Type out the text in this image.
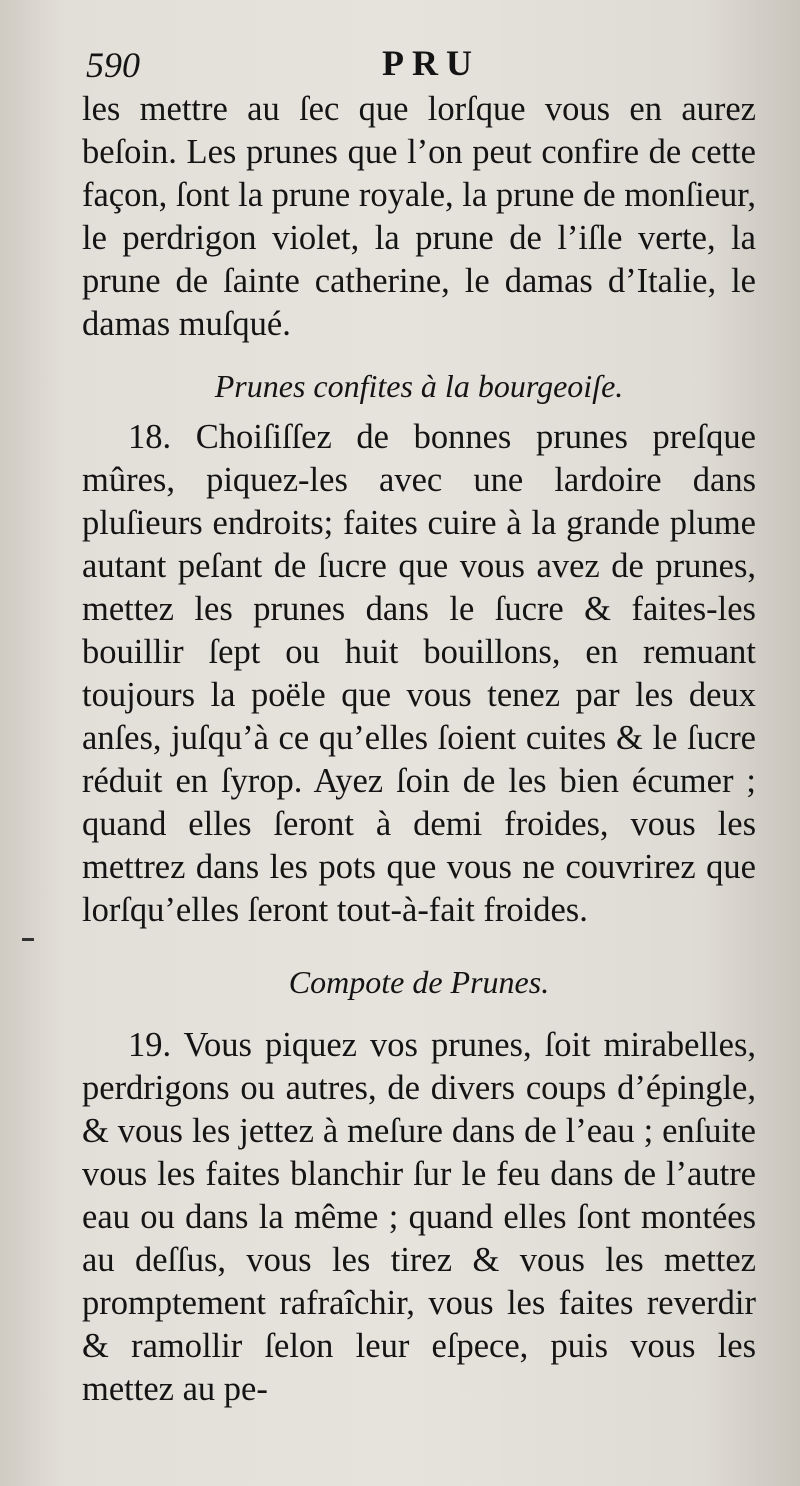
590	PRU

les mettre au ſec que lorſque vous en aurez beſoin. Les prunes que l’on peut confire de cette façon, ſont la prune royale, la prune de monſieur, le perdrigon violet, la prune de l’iſle verte, la prune de ſainte catherine, le damas d’Italie, le damas muſqué.

Prunes confites à la bourgeoiſe.

18. Choiſiſſez de bonnes prunes preſque mûres, piquez-les avec une lardoire dans pluſieurs endroits; faites cuire à la grande plume autant peſant de ſucre que vous avez de prunes, mettez les prunes dans le ſucre & faites-les bouillir ſept ou huit bouillons, en remuant toujours la poële que vous tenez par les deux anſes, juſqu’à ce qu’elles ſoient cuites & le ſucre réduit en ſyrop. Ayez ſoin de les bien écumer ; quand elles ſeront à demi froides, vous les mettrez dans les pots que vous ne couvrirez que lorſqu’elles ſeront tout-à-fait froides.

Compote de Prunes.

19. Vous piquez vos prunes, ſoit mirabelles, perdrigons ou autres, de divers coups d’épingle, & vous les jettez à meſure dans de l’eau ; enſuite vous les faites blanchir ſur le feu dans de l’autre eau ou dans la même ; quand elles ſont montées au deſſus, vous les tirez & vous les mettez promptement rafraîchir, vous les faites reverdir & ramollir ſelon leur eſpece, puis vous les mettez au pe-
